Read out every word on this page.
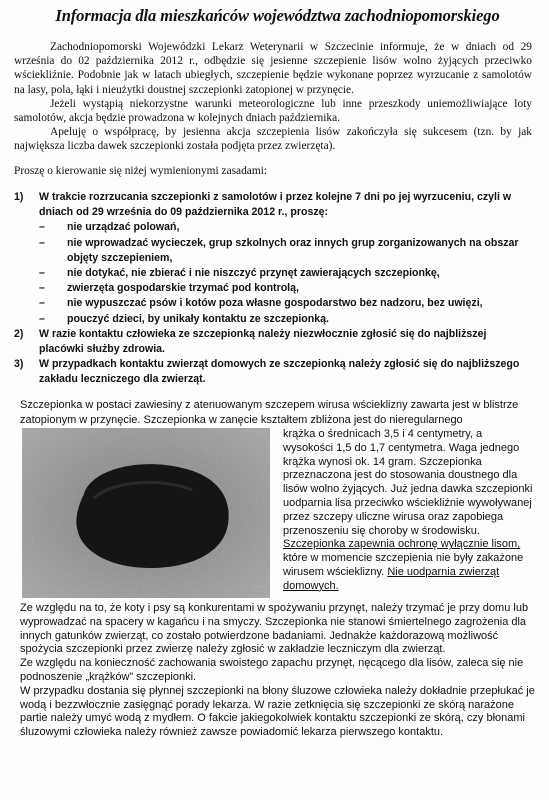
Informacja dla mieszkańców województwa zachodniopomorskiego
Zachodniopomorski Wojewódzki Lekarz Weterynarii w Szczecinie informuje, że w dniach od 29 września do 02 października 2012 r., odbędzie się jesienne szczepienie lisów wolno żyjących przeciwko wściekliźnie. Podobnie jak w latach ubiegłych, szczepienie będzie wykonane poprzez wyrzucanie z samolotów na lasy, pola, łąki i nieużytki doustnej szczepionki zatopionej w przynęcie.
Jeżeli wystąpią niekorzystne warunki meteorologiczne lub inne przeszkody uniemożliwiające loty samolotów, akcja będzie prowadzona w kolejnych dniach października.
Apeluję o współpracę, by jesienna akcja szczepienia lisów zakończyła się sukcesem (tzn. by jak największa liczba dawek szczepionki została podjęta przez zwierzęta).
Proszę o kierowanie się niżej wymienionymi zasadami:
1) W trakcie rozrzucania szczepionki z samolotów i przez kolejne 7 dni po jej wyrzuceniu, czyli w dniach od 29 września do 09 października 2012 r., proszę:
– nie urządzać polowań,
– nie wprowadzać wycieczek, grup szkolnych oraz innych grup zorganizowanych na obszar objęty szczepieniem,
– nie dotykać, nie zbierać i nie niszczyć przynęt zawierających szczepionkę,
– zwierzęta gospodarskie trzymać pod kontrolą,
– nie wypuszczać psów i kotów poza własne gospodarstwo bez nadzoru, bez uwięzi,
– pouczyć dzieci, by unikały kontaktu ze szczepionką.
2) W razie kontaktu człowieka ze szczepionką należy niezwłocznie zgłosić się do najbliższej placówki służby zdrowia.
3) W przypadkach kontaktu zwierząt domowych ze szczepionką należy zgłosić się do najbliższego zakładu leczniczego dla zwierząt.
Szczepionka w postaci zawiesiny z atenuowanym szczepem wirusa wścieklizny zawarta jest w blistrze zatopionym w przynęcie. Szczepionka w zanęcie kształtem zbliżona jest do nieregularnego
krążka o średnicach 3,5 i 4 centymetry, a wysokości 1,5 do 1,7 centymetra. Waga jednego krążka wynosi ok. 14 gram. Szczepionka przeznaczona jest do stosowania doustnego dla lisów wolno żyjących. Już jedna dawka szczepionki uodparnia lisa przeciwko wściekliźnie wywoływanej przez szczepy uliczne wirusa oraz zapobiega przenoszeniu się choroby w środowisku. Szczepionka zapewnia ochronę wyłącznie lisom, które w momencie szczepienia nie były zakażone wirusem wścieklizny. Nie uodparnia zwierząt domowych.
Ze względu na to, że koty i psy są konkurentami w spożywaniu przynęt, należy trzymać je przy domu lub wyprowadzać na spacery w kagańcu i na smyczy. Szczepionka nie stanowi śmiertelnego zagrożenia dla innych gatunków zwierząt, co zostało potwierdzone badaniami. Jednakże każdorazową możliwość spożycia szczepionki przez zwierzę należy zgłosić w zakładzie leczniczym dla zwierząt.
Ze względu na konieczność zachowania swoistego zapachu przynęt, nęcącego dla lisów, zaleca się nie podnoszenie „krążków” szczepionki.
W przypadku dostania się płynnej szczepionki na błony śluzowe człowieka należy dokładnie przepłukać je wodą i bezzwłocznie zasięgnąć porady lekarza. W razie zetknięcia się szczepionki ze skórą narażone partie należy umyć wodą z mydłem. O fakcie jakiegokolwiek kontaktu szczepionki ze skórą, czy błonami śluzowymi człowieka należy również zawsze powiadomić lekarza pierwszego kontaktu.
